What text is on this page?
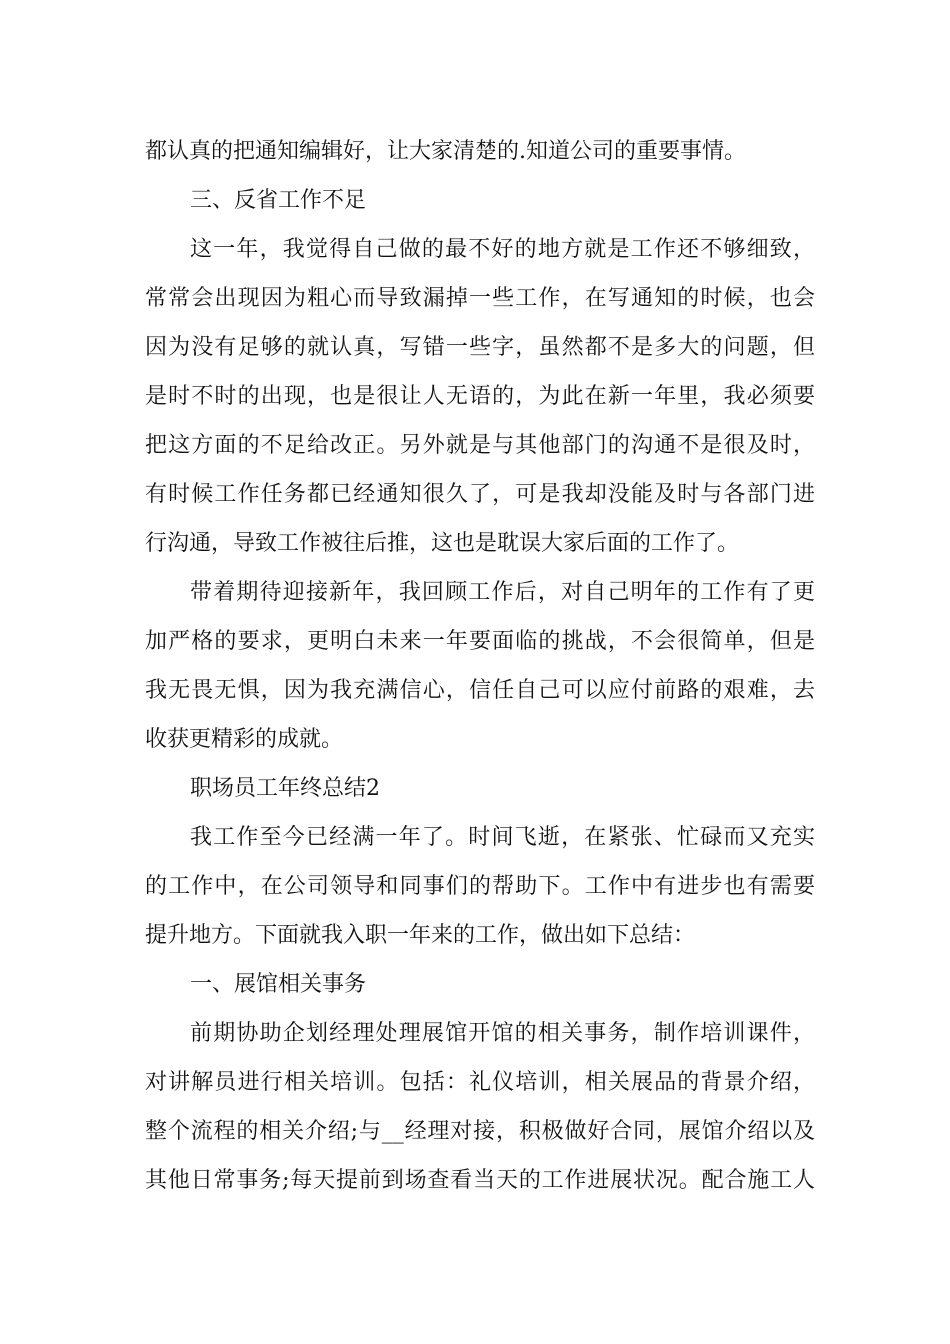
都认真的把通知编辑好，让大家清楚的.知道公司的重要事情。
三、反省工作不足
这一年，我觉得自己做的最不好的地方就是工作还不够细致，
常常会出现因为粗心而导致漏掉一些工作，在写通知的时候，也会
因为没有足够的就认真，写错一些字，虽然都不是多大的问题，但
是时不时的出现，也是很让人无语的，为此在新一年里，我必须要
把这方面的不足给改正。另外就是与其他部门的沟通不是很及时，
有时候工作任务都已经通知很久了，可是我却没能及时与各部门进
行沟通，导致工作被往后推，这也是耽误大家后面的工作了。
带着期待迎接新年，我回顾工作后，对自己明年的工作有了更
加严格的要求，更明白未来一年要面临的挑战，不会很简单，但是
我无畏无惧，因为我充满信心，信任自己可以应付前路的艰难，去
收获更精彩的成就。
职场员工年终总结2
我工作至今已经满一年了。时间飞逝，在紧张、忙碌而又充实
的工作中，在公司领导和同事们的帮助下。工作中有进步也有需要
提升地方。下面就我入职一年来的工作，做出如下总结：
一、展馆相关事务
前期协助企划经理处理展馆开馆的相关事务，制作培训课件，
对讲解员进行相关培训。包括：礼仪培训，相关展品的背景介绍，
整个流程的相关介绍;与__经理对接，积极做好合同，展馆介绍以及
其他日常事务;每天提前到场查看当天的工作进展状况。配合施工人
